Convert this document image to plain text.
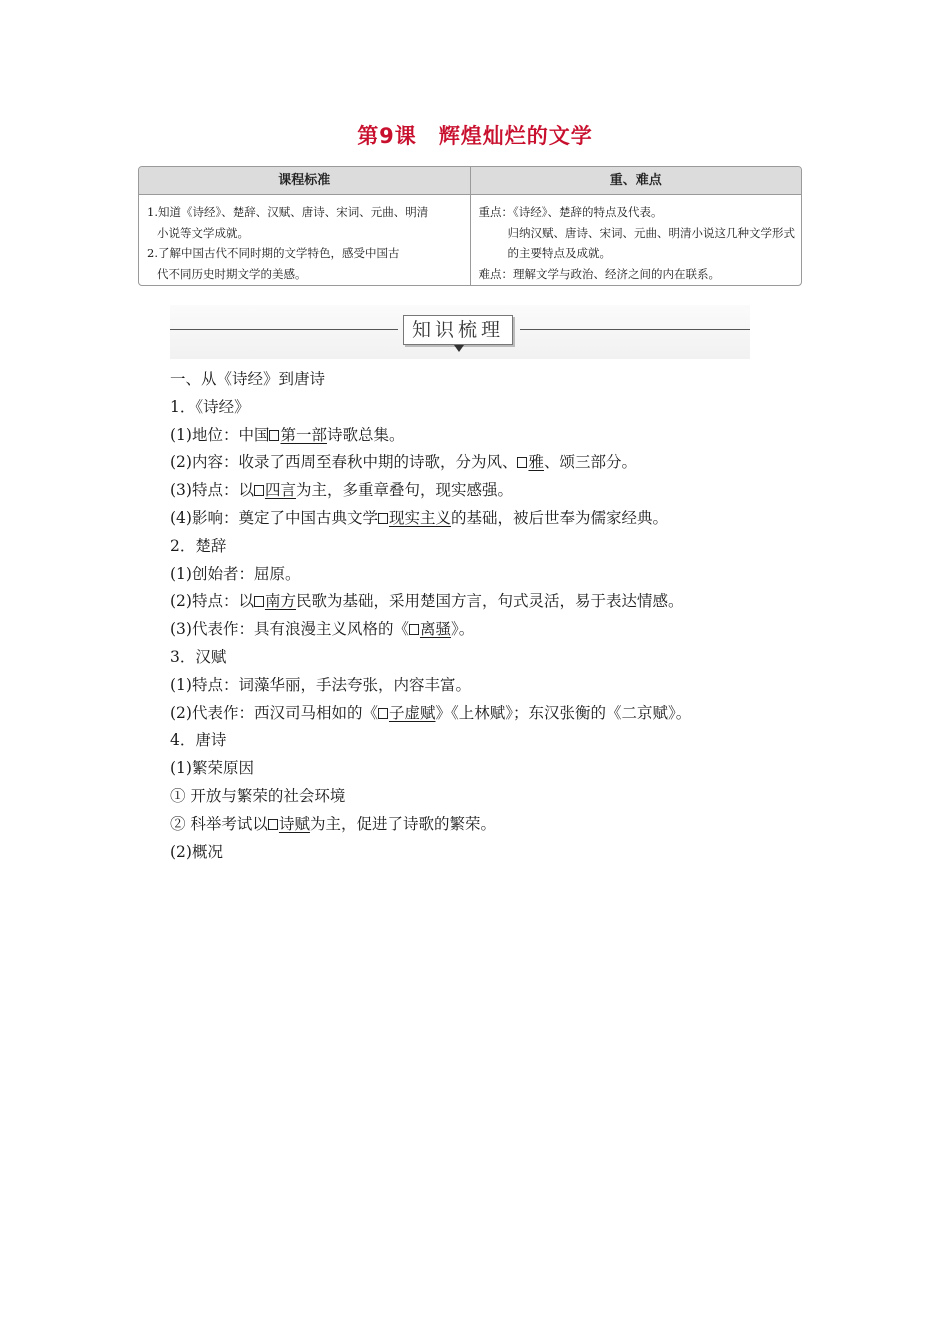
第9课 辉煌灿烂的文学
课程标准	重、难点

1.知道《诗经》、楚辞、汉赋、唐诗、宋词、元曲、明清

小说等文学成就。

2.了解中国古代不同时期的文学特色，感受中国古

代不同历史时期文学的美感。

重点：《诗经》、楚辞的特点及代表。

归纳汉赋、唐诗、宋词、元曲、明清小说这几种文学形式

的主要特点及成就。

难点：理解文学与政治、经济之间的内在联系。

知识梳理
一、从《诗经》到唐诗
1．《诗经》
(1)地位：中国 第一部诗歌总集。
(2)内容：收录了西周至春秋中期的诗歌，分为风、 雅、颂三部分。
(3)特点：以 四言为主，多重章叠句，现实感强。
(4)影响：奠定了中国古典文学 现实主义的基础，被后世奉为儒家经典。
2．楚辞
(1)创始者：屈原。
(2)特点：以 南方民歌为基础，采用楚国方言，句式灵活，易于表达情感。
(3)代表作：具有浪漫主义风格的《 离骚》。
3．汉赋
(1)特点：词藻华丽，手法夸张，内容丰富。
(2)代表作：西汉司马相如的《 子虚赋》《上林赋》；东汉张衡的《二京赋》。
4．唐诗
(1)繁荣原因
① 开放与繁荣的社会环境
② 科举考试以 诗赋为主，促进了诗歌的繁荣。
(2)概况
